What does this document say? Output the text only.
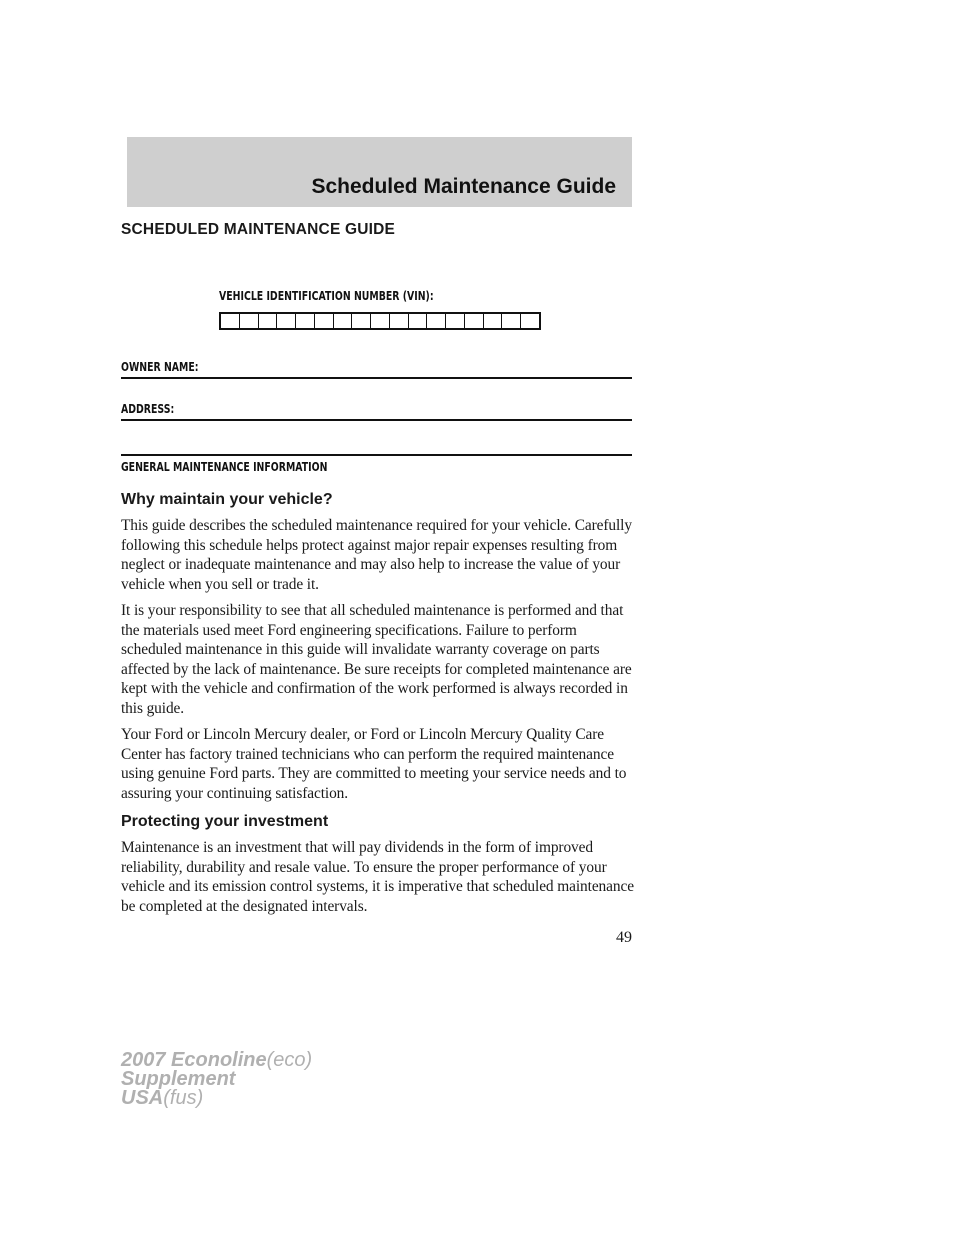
Scheduled Maintenance Guide
SCHEDULED MAINTENANCE GUIDE
VEHICLE IDENTIFICATION NUMBER (VIN):
OWNER NAME:
ADDRESS:
GENERAL MAINTENANCE INFORMATION
Why maintain your vehicle?

This guide describes the scheduled maintenance required for your vehicle. Carefully following this schedule helps protect against major repair expenses resulting from neglect or inadequate maintenance and may also help to increase the value of your vehicle when you sell or trade it.

It is your responsibility to see that all scheduled maintenance is performed and that the materials used meet Ford engineering specifications. Failure to perform scheduled maintenance in this guide will invalidate warranty coverage on parts affected by the lack of maintenance. Be sure receipts for completed maintenance are kept with the vehicle and confirmation of the work performed is always recorded in this guide.

Your Ford or Lincoln Mercury dealer, or Ford or Lincoln Mercury Quality Care Center has factory trained technicians who can perform the required maintenance using genuine Ford parts. They are committed to meeting your service needs and to assuring your continuing satisfaction.

Protecting your investment

Maintenance is an investment that will pay dividends in the form of improved reliability, durability and resale value. To ensure the proper performance of your vehicle and its emission control systems, it is imperative that scheduled maintenance be completed at the designated intervals.

49
2007 Econoline(eco)
Supplement
USA(fus)
